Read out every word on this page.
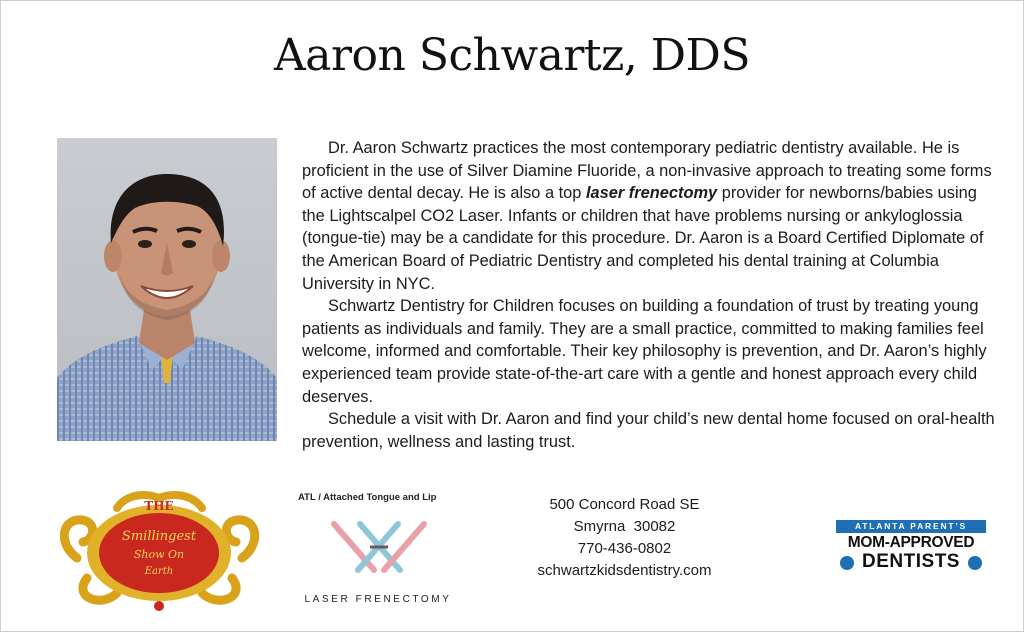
Aaron Schwartz, DDS

Dr. Aaron Schwartz practices the most contemporary pediatric dentistry available. He is proficient in the use of Silver Diamine Fluoride, a non-invasive approach to treating some forms of active dental decay. He is also a top laser frenectomy provider for newborns/babies using the Lightscalpel CO2 Laser. Infants or children that have problems nursing or ankyloglossia (tongue-tie) may be a candidate for this procedure. Dr. Aaron is a Board Certified Diplomate of the American Board of Pediatric Dentistry and completed his dental training at Columbia University in NYC.

Schwartz Dentistry for Children focuses on building a foundation of trust by treating young patients as individuals and family. They are a small practice, committed to making families feel welcome, informed and comfortable. Their key philosophy is prevention, and Dr. Aaron’s highly experienced team provide state-of-the-art care with a gentle and honest approach every child deserves.

Schedule a visit with Dr. Aaron and find your child’s new dental home focused on oral-health prevention, wellness and lasting trust.

THE
Smillingest
Show On
Earth
ATL / Attached Tongue and Lip
LASER FRENECTOMY
500 Concord Road SE
Smyrna  30082
770-436-0802
schwartzkidsdentistry.com
ATLANTA PARENT’S
MOM-APPROVED
DENTISTS
